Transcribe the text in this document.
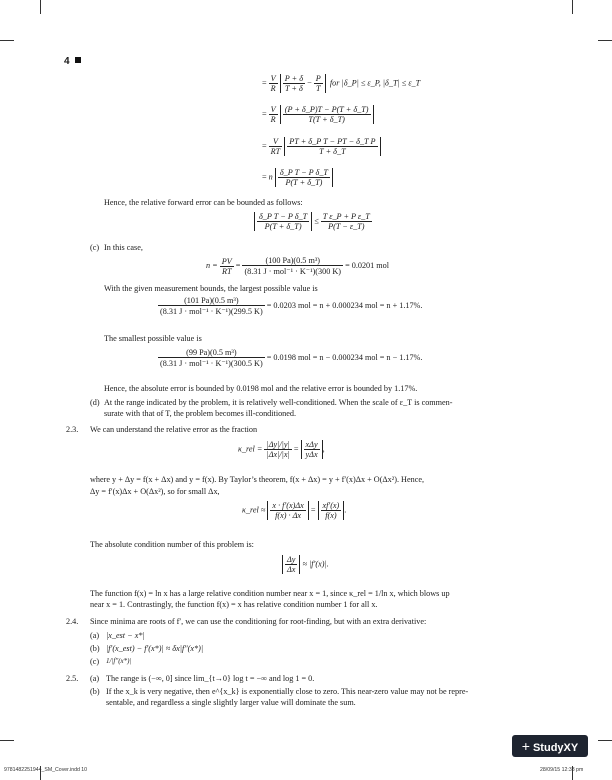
4
= $\frac{V}{R}$
$\frac{P + \delta}{T + \delta} - \frac{P}{T}$ for |δ_P| ≤ ε_P, |δ_T| ≤ ε_T
= $\frac{V}{R}$
$\frac{(P + \delta\_P)T - P(T + \delta\_T)}{T(T + \delta\_T)}$
= $\frac{V}{RT}$
$\frac{\text{PT + δ\_P T − PT − δ\_T P}}{T + \delta\_T}$
= n $\frac{\text{δ\_P T − P δ\_T}}{P(T + \delta\_T)}$
Hence, the relative forward error can be bounded as follows:
$\frac{\text{δ\_P T − P δ\_T}}{P(T + \delta\_T)} \le \frac{\text{T ε\_P + P ε\_T}}{P(T - \varepsilon\_T)}$
(c) In this case,
$n = \frac{PV}{RT} = \frac{\text{(100 Pa)(0.5 m³)}}{\text{(8.31 J · mol⁻¹ · K⁻¹)(300 K)}} = 0.0201$ mol
With the given measurement bounds, the largest possible value is
$\frac{\text{(101 Pa)(0.5 m³)}}{\text{(8.31 J · mol⁻¹ · K⁻¹)(299.5 K)}} = 0.0203$ mol = n + 0.000234 mol = n + 1.17%.
The smallest possible value is
$\frac{\text{(99 Pa)(0.5 m³)}}{\text{(8.31 J · mol⁻¹ · K⁻¹)(300.5 K)}} = 0.0198$ mol = n − 0.000234 mol = n − 1.17%.
Hence, the absolute error is bounded by 0.0198 mol and the relative error is bounded by 1.17%.
(d) At the range indicated by the problem, it is relatively well-conditioned. When the scale of ε_T is commen-
surate with that of T, the problem becomes ill-conditioned.
2.3. We can understand the relative error as the fraction
κ_rel = $\frac{|\Delta y|/|y|}{|\Delta x|/|x|} = \frac{\text{xΔy}}{\text{yΔx}}$ ,
where y + Δy = f(x + Δx) and y = f(x). By Taylor’s theorem, f(x + Δx) = y + f′(x)Δx + O(Δx²). Hence,
Δy = f′(x)Δx + O(Δx²), so for small Δx,
κ_rel ≈ $\frac{x \cdot f'(x)\Delta x}{f(x) \cdot \Delta x} = \frac{xf'(x)}{f(x)}$ .
The absolute condition number of this problem is:
$\frac{\Delta y}{\Delta x} \approx |f'(x)|$.
The function f(x) = ln x has a large relative condition number near x = 1, since κ_rel = 1/ln x, which blows up
near x = 1. Contrastingly, the function f(x) = x has relative condition number 1 for all x.
2.4. Since minima are roots of f′, we can use the conditioning for root-finding, but with an extra derivative:
(a) |x_est − x*|
(b) |f′(x_est) − f′(x*)| ≈ δx|f″(x*)|
(c) 1/|f″(x*)|
2.5. (a) The range is (−∞, 0] since lim_{t→0} log t = −∞ and log 1 = 0.
(b) If the x_k is very negative, then e^{x_k} is exponentially close to zero. This near-zero value may not be repre-
sentable, and regardless a single slightly larger value will dominate the sum.
9781482251944_SM_Cover.indd 10	28/09/15 12:38 pm
+ StudyXY
